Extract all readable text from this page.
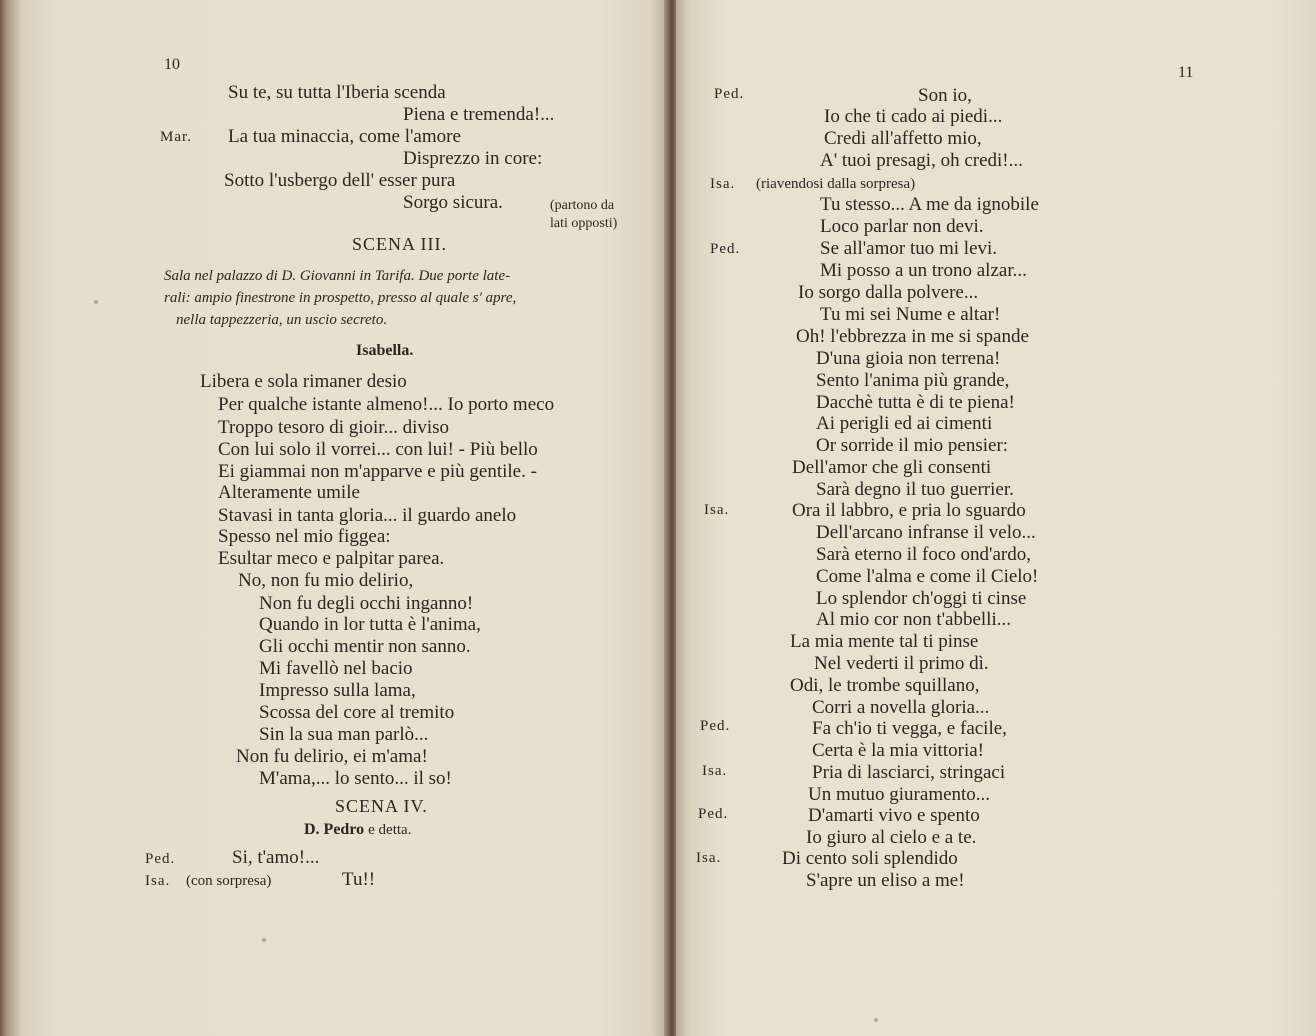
10
Su te, su tutta l'Iberia scenda
Piena e tremenda!...
Mar. La tua minaccia, come l'amore
Disprezzo in core:
Sotto l'usbergo dell' esser pura
Sorgo sicura.	(partono da
lati opposti)
SCENA III.
Sala nel palazzo di D. Giovanni in Tarifa. Due porte late-
rali: ampio finestrone in prospetto, presso al quale s' apre,
nella tappezzeria, un uscio secreto.
Isabella.
Libera e sola rimaner desio
Per qualche istante almeno!... Io porto meco
Troppo tesoro di gioir... diviso
Con lui solo il vorrei... con lui! - Più bello
Ei giammai non m'apparve e più gentile. -
Alteramente umile
Stavasi in tanta gloria... il guardo anelo
Spesso nel mio figgea:
Esultar meco e palpitar parea.
No, non fu mio delirio,
Non fu degli occhi inganno!
Quando in lor tutta è l'anima,
Gli occhi mentir non sanno.
Mi favellò nel bacio
Impresso sulla lama,
Scossa del core al tremito
Sin la sua man parlò...
Non fu delirio, ei m'ama!
M'ama,... lo sento... il so!
SCENA IV.
D. Pedro e detta.
Ped.	Si, t'amo!...
Isa. (con sorpresa)	Tu!!
11
Ped.	Son io,
Io che ti cado ai piedi...
Credi all'affetto mio,
A' tuoi presagi, oh credi!...
Isa. (riavendosi dalla sorpresa)
Tu stesso... A me da ignobile
Loco parlar non devi.
Ped.	Se all'amor tuo mi levi.
Mi posso a un trono alzar...
Io sorgo dalla polvere...
Tu mi sei Nume e altar!
Oh! l'ebbrezza in me si spande
D'una gioia non terrena!
Sento l'anima più grande,
Dacchè tutta è di te piena!
Ai perigli ed ai cimenti
Or sorride il mio pensier:
Dell'amor che gli consenti
Sarà degno il tuo guerrier.
Isa.	Ora il labbro, e pria lo sguardo
Dell'arcano infranse il velo...
Sarà eterno il foco ond'ardo,
Come l'alma e come il Cielo!
Lo splendor ch'oggi ti cinse
Al mio cor non t'abbelli...
La mia mente tal ti pinse
Nel vederti il primo dì.
Odi, le trombe squillano,
Corri a novella gloria...
Ped.	Fa ch'io ti vegga, e facile,
Certa è la mia vittoria!
Isa.	Pria di lasciarci, stringaci
Un mutuo giuramento...
Ped.	D'amarti vivo e spento
Io giuro al cielo e a te.
Isa.	Di cento soli splendido
S'apre un eliso a me!
